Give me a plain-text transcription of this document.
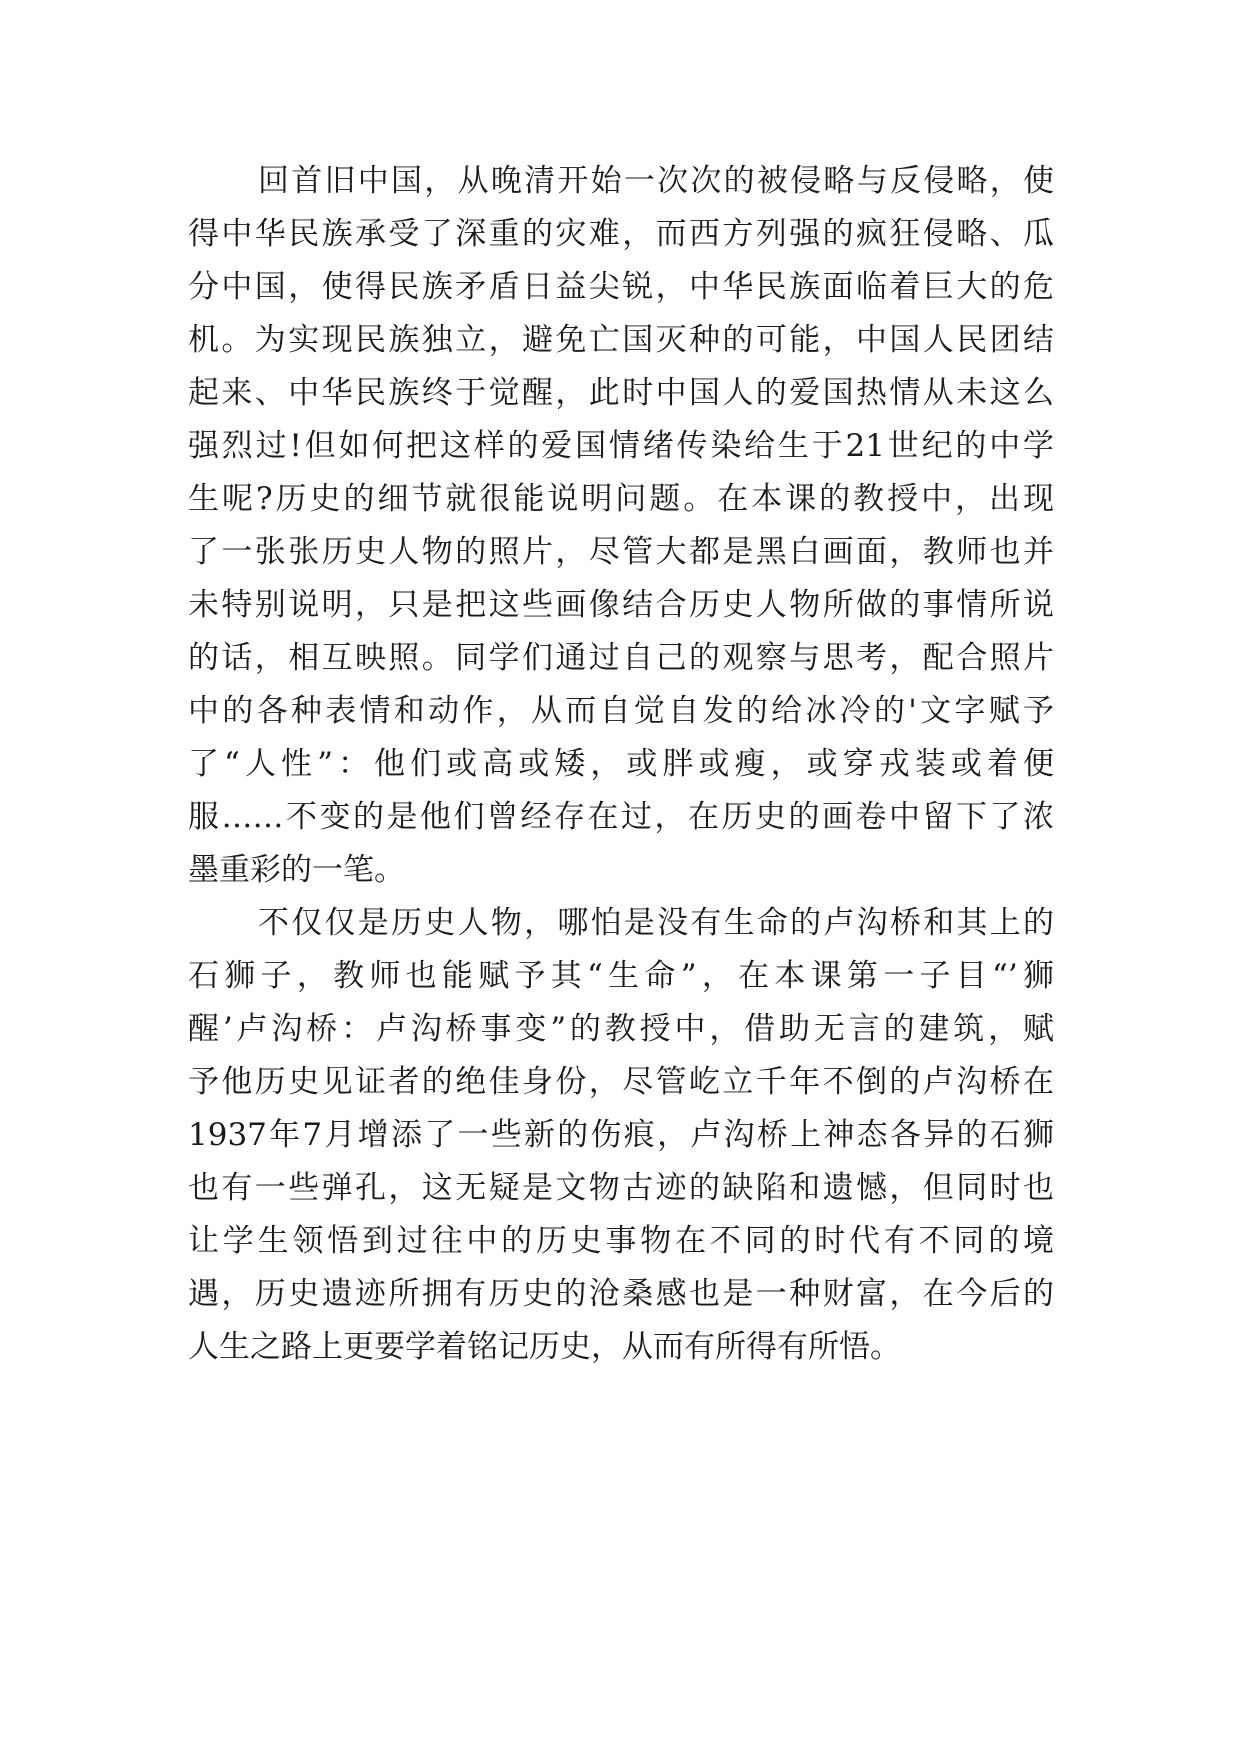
回首旧中国，从晚清开始一次次的被侵略与反侵略，使
得中华民族承受了深重的灾难，而西方列强的疯狂侵略、瓜
分中国，使得民族矛盾日益尖锐，中华民族面临着巨大的危
机。为实现民族独立，避免亡国灭种的可能，中国人民团结
起来、中华民族终于觉醒，此时中国人的爱国热情从未这么
强烈过!但如何把这样的爱国情绪传染给生于21世纪的中学
生呢?历史的细节就很能说明问题。在本课的教授中，出现
了一张张历史人物的照片，尽管大都是黑白画面，教师也并
未特别说明，只是把这些画像结合历史人物所做的事情所说
的话，相互映照。同学们通过自己的观察与思考，配合照片
中的各种表情和动作，从而自觉自发的给冰冷的'文字赋予
了“人性”：他们或高或矮，或胖或瘦，或穿戎装或着便
服……不变的是他们曾经存在过，在历史的画卷中留下了浓
墨重彩的一笔。
不仅仅是历史人物，哪怕是没有生命的卢沟桥和其上的
石狮子，教师也能赋予其“生命”，在本课第一子目“’狮
醒’卢沟桥：卢沟桥事变”的教授中，借助无言的建筑，赋
予他历史见证者的绝佳身份，尽管屹立千年不倒的卢沟桥在
1937年7月增添了一些新的伤痕，卢沟桥上神态各异的石狮
也有一些弹孔，这无疑是文物古迹的缺陷和遗憾，但同时也
让学生领悟到过往中的历史事物在不同的时代有不同的境
遇，历史遗迹所拥有历史的沧桑感也是一种财富，在今后的
人生之路上更要学着铭记历史，从而有所得有所悟。
